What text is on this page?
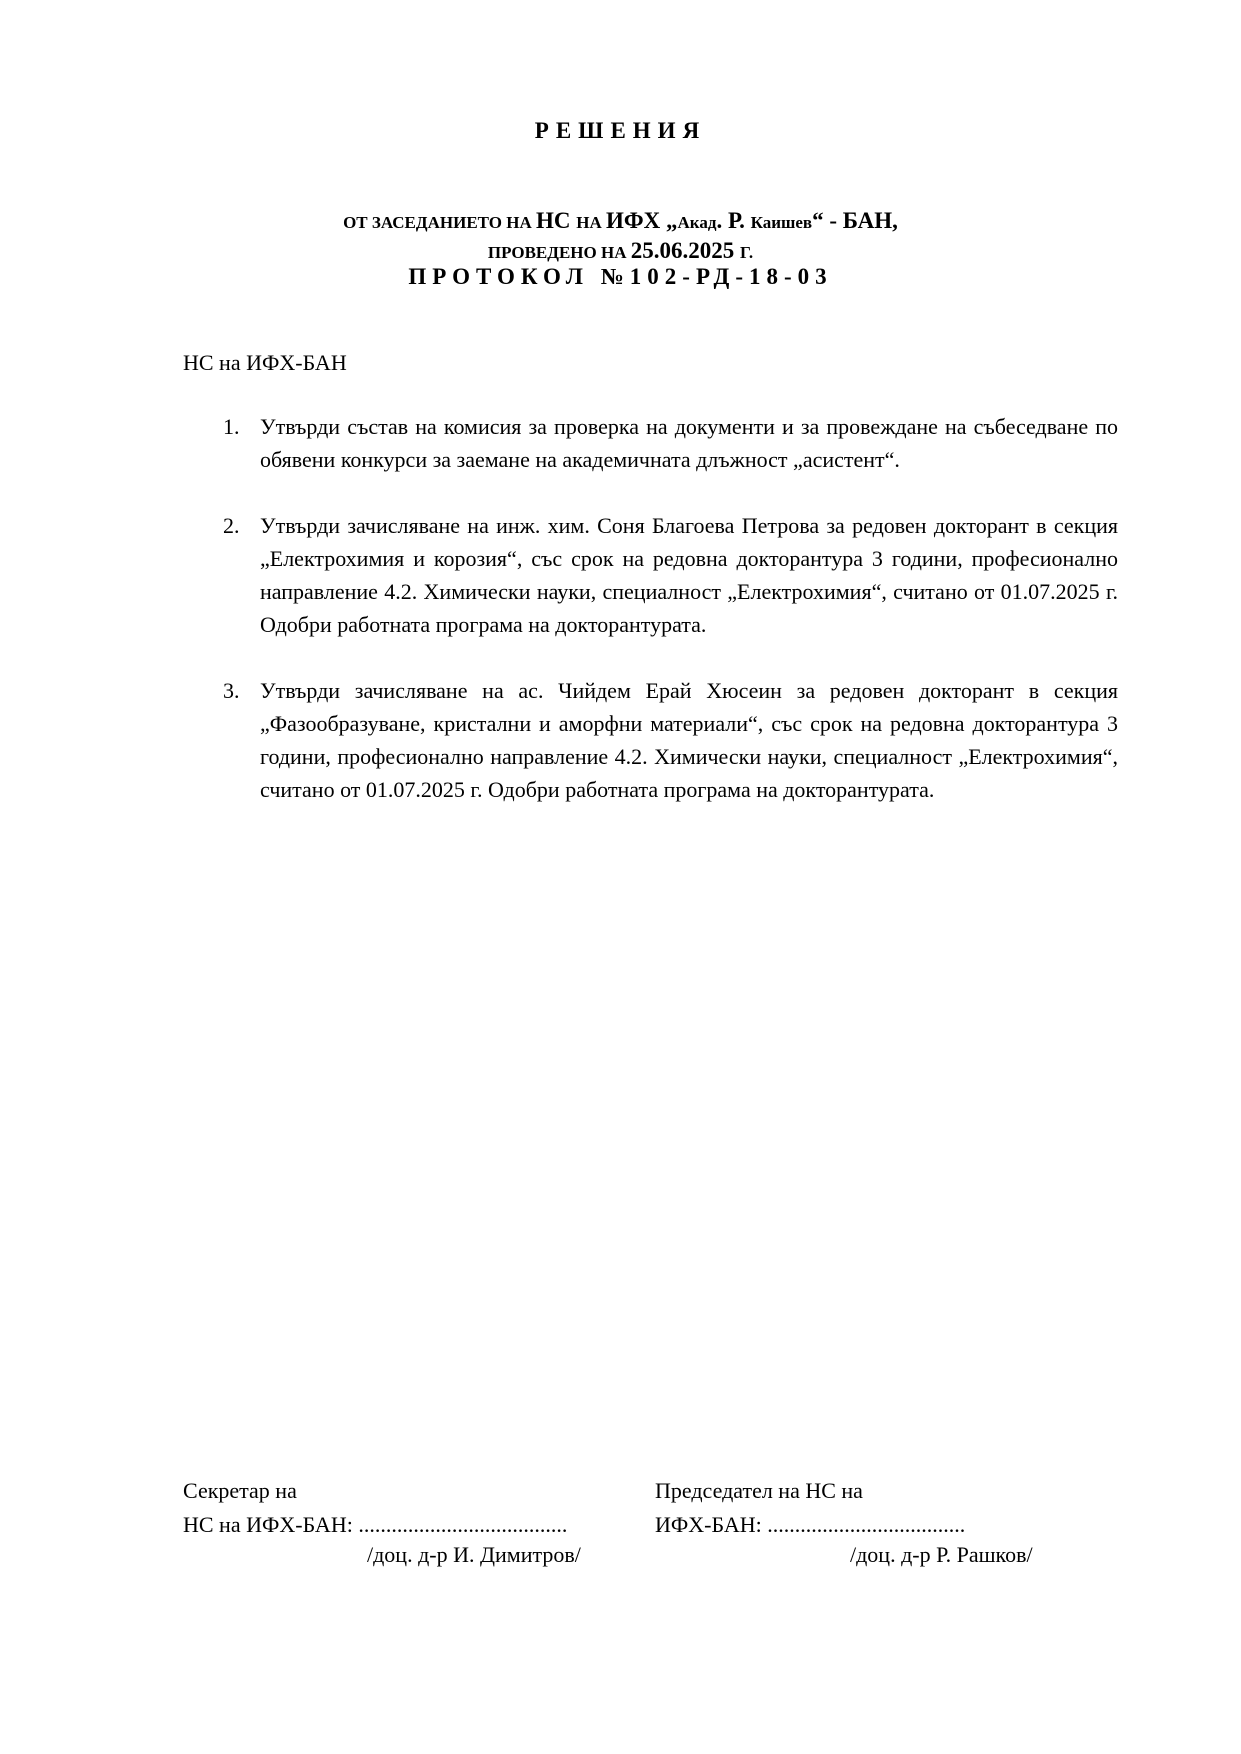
РЕШЕНИЯ
ОТ ЗАСЕДАНИЕТО НА НС НА ИФХ „Акад. Р. Каишев“ - БАН,
ПРОВЕДЕНО НА 25.06.2025 Г.
ПРОТОКОЛ №102-РД-18-03
НС на ИФХ-БАН
1. Утвърди състав на комисия за проверка на документи и за провеждане на събеседване по обявени конкурси за заемане на академичната длъжност „асистент“.
2. Утвърди зачисляване на инж. хим. Соня Благоева Петрова за редовен докторант в секция „Електрохимия и корозия“, със срок на редовна докторантура 3 години, професионално направление 4.2. Химически науки, специалност „Електрохимия“, считано от 01.07.2025 г. Одобри работната програма на докторантурата.
3. Утвърди зачисляване на ас. Чийдем Ерай Хюсеин за редовен докторант в секция „Фазообразуване, кристални и аморфни материали“, със срок на редовна докторантура 3 години, професионално направление 4.2. Химически науки, специалност „Електрохимия“, считано от 01.07.2025 г. Одобри работната програма на докторантурата.
Секретар на
НС на ИФХ-БАН: ......................................
/доц. д-р И. Димитров/
Председател на НС на
ИФХ-БАН: ....................................
/доц. д-р Р. Рашков/
